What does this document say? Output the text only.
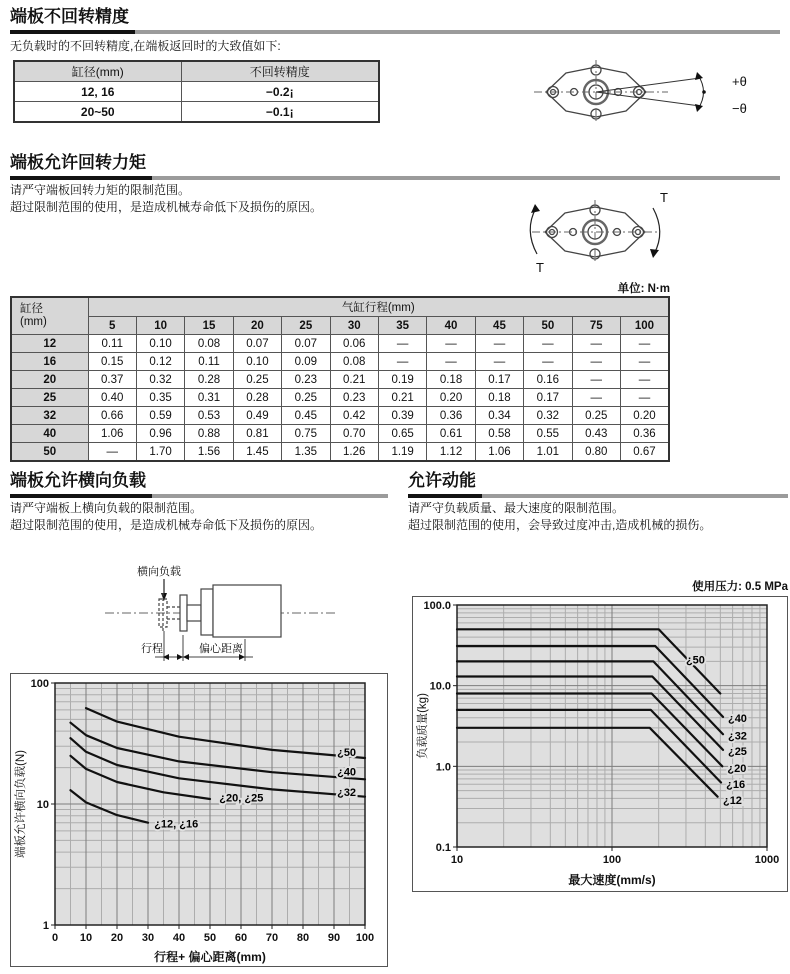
端板不回转精度
无负载时的不回转精度,在端板返回时的大致值如下:
缸径(mm)	不回转精度
12, 16	−0.2¡
20~50	−0.1¡
+θ
−θ
端板允许回转力矩
请严守端板回转力矩的限制范围。
超过限制范围的使用，是造成机械寿命低下及损伤的原因。
T
T
单位: N·m
缸径
(mm)	气缸行程(mm)											
	5	10	15	20	25	30	35	40	45	50	75	100
12	0.11	0.10	0.08	0.07	0.07	0.06	—	—	—	—	—	—
16	0.15	0.12	0.11	0.10	0.09	0.08	—	—	—	—	—	—
20	0.37	0.32	0.28	0.25	0.23	0.21	0.19	0.18	0.17	0.16	—	—
25	0.40	0.35	0.31	0.28	0.25	0.23	0.21	0.20	0.18	0.17	—	—
32	0.66	0.59	0.53	0.49	0.45	0.42	0.39	0.36	0.34	0.32	0.25	0.20
40	1.06	0.96	0.88	0.81	0.75	0.70	0.65	0.61	0.58	0.55	0.43	0.36
50	—	1.70	1.56	1.45	1.35	1.26	1.19	1.12	1.06	1.01	0.80	0.67
端板允许横向负载
请严守端板上横向负载的限制范围。
超过限制范围的使用，是造成机械寿命低下及损伤的原因。
横向负载
行程	偏心距离
0 10 20 30 40 50 60 70 80 90 100
100
10
1
行程+ 偏心距离(mm)
端板允许横向负载(N)	¿50
¿40
¿32
¿20, ¿25
¿12, ¿16
允许动能
请严守负载质量、最大速度的限制范围。
超过限制范围的使用，会导致过度冲击,造成机械的损伤。
使用压力: 0.5 MPa
10	100	1000
100.0
10.0
1.0
0.1
最大速度(mm/s)
负载质量(kg)
¿50
¿40
¿32
¿25
¿20
¿16
¿12
